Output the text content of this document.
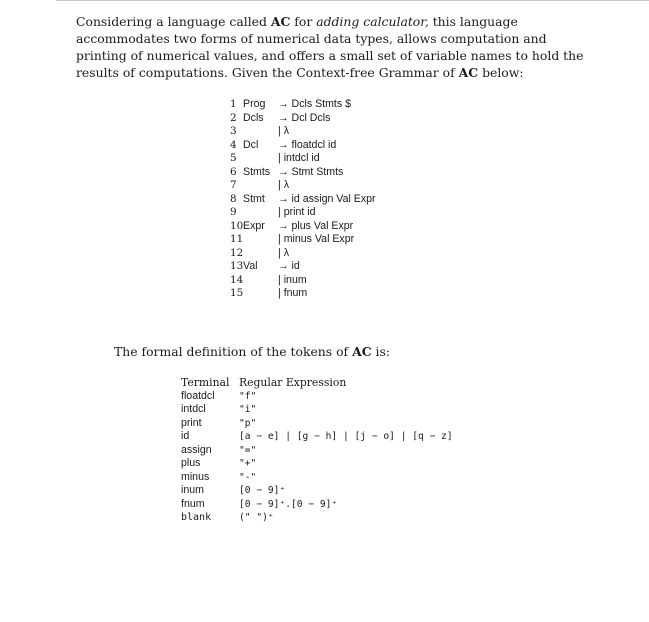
Considering a language called AC for adding calculator, this language accommodates two forms of numerical data types, allows computation and printing of numerical values, and offers a small set of variable names to hold the results of computations. Given the Context-free Grammar of AC below:

1 Prog → Dcls Stmts $
2 Dcls → Dcl Dcls
3	| λ
4 Dcl → floatdcl id
5	| intdcl id
6 Stmts → Stmt Stmts
7	| λ
8 Stmt → id assign Val Expr
9	| print id
10 Expr → plus Val Expr
11	| minus Val Expr
12	| λ
13 Val → id
14	| inum
15	| fnum

The formal definition of the tokens of AC is:

Terminal Regular Expression
floatdcl	"f"
intdcl	"i"
print	"p"
id	[a − e] | [g − h] | [j − o] | [q − z]
assign	"="
plus	"+"
minus	"-"
inum	[0 − 9]⁺
fnum	[0 − 9]⁺.[0 − 9]⁺
blank	(" ")⁺
